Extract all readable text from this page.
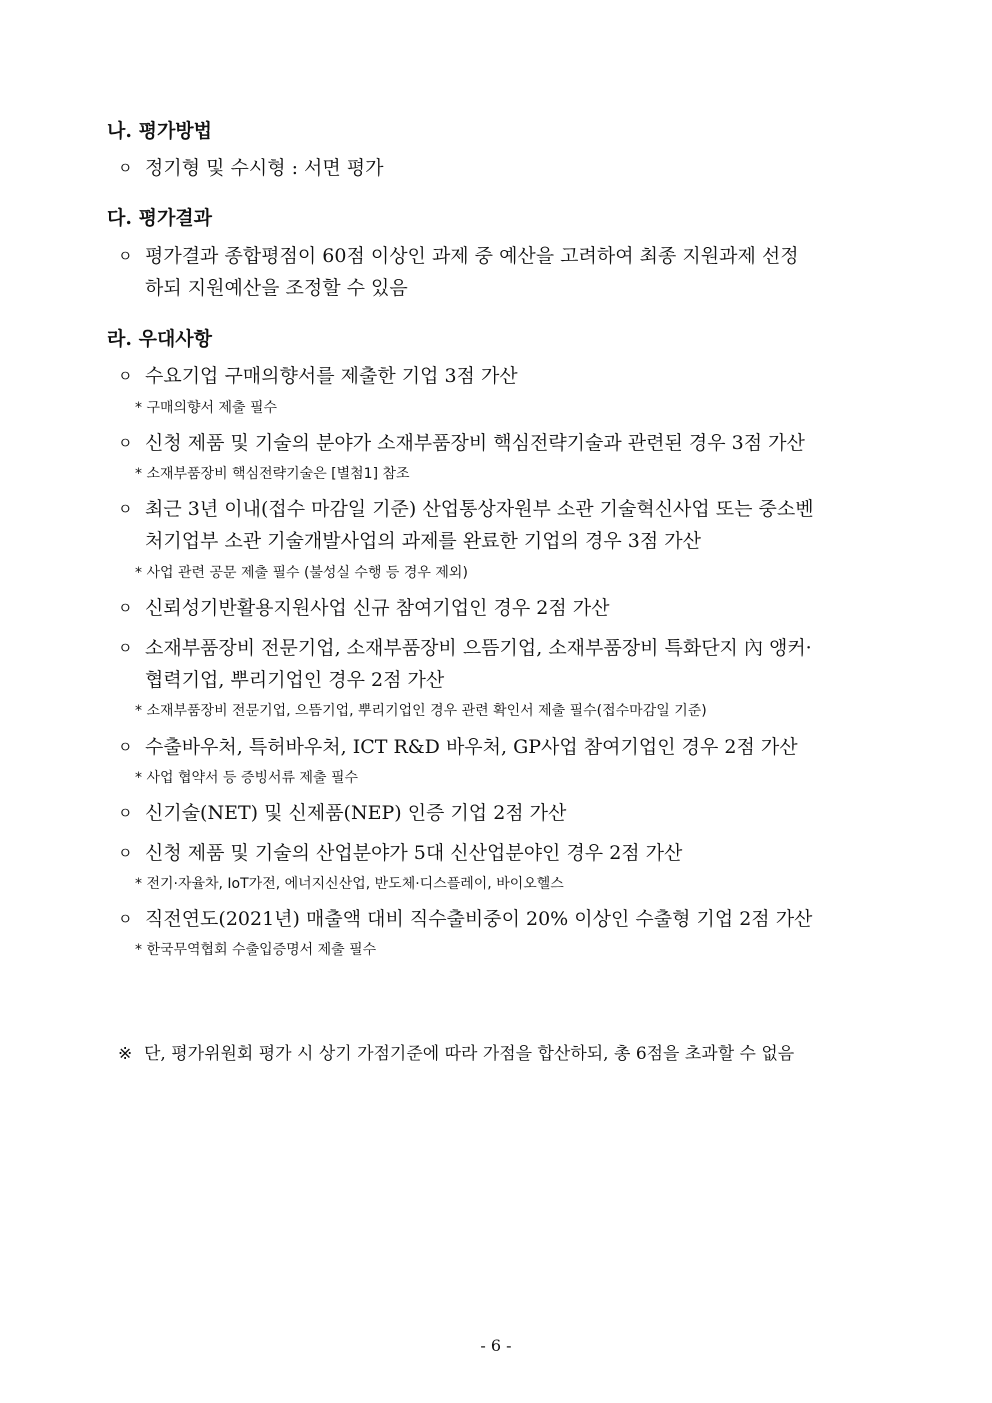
나. 평가방법
ㅇ 정기형 및 수시형 : 서면 평가
다. 평가결과
ㅇ 평가결과 종합평점이 60점 이상인 과제 중 예산을 고려하여 최종 지원과제 선정
하되 지원예산을 조정할 수 있음
라. 우대사항
ㅇ 수요기업 구매의향서를 제출한 기업 3점 가산
* 구매의향서 제출 필수
ㅇ 신청 제품 및 기술의 분야가 소재부품장비 핵심전략기술과 관련된 경우 3점 가산
* 소재부품장비 핵심전략기술은 [별첨1] 참조
ㅇ 최근 3년 이내(접수 마감일 기준) 산업통상자원부 소관 기술혁신사업 또는 중소벤
처기업부 소관 기술개발사업의 과제를 완료한 기업의 경우 3점 가산
* 사업 관련 공문 제출 필수 (불성실 수행 등 경우 제외)
ㅇ 신뢰성기반활용지원사업 신규 참여기업인 경우 2점 가산
ㅇ 소재부품장비 전문기업, 소재부품장비 으뜸기업, 소재부품장비 특화단지 內 앵커·
협력기업, 뿌리기업인 경우 2점 가산
* 소재부품장비 전문기업, 으뜸기업, 뿌리기업인 경우 관련 확인서 제출 필수(접수마감일 기준)
ㅇ 수출바우처, 특허바우처, ICT R&D 바우처, GP사업 참여기업인 경우 2점 가산
* 사업 협약서 등 증빙서류 제출 필수
ㅇ 신기술(NET) 및 신제품(NEP) 인증 기업 2점 가산
ㅇ 신청 제품 및 기술의 산업분야가 5대 신산업분야인 경우 2점 가산
* 전기·자율차, IoT가전, 에너지신산업, 반도체·디스플레이, 바이오헬스
ㅇ 직전연도(2021년) 매출액 대비 직수출비중이 20% 이상인 수출형 기업 2점 가산
* 한국무역협회 수출입증명서 제출 필수
※ 단, 평가위원회 평가 시 상기 가점기준에 따라 가점을 합산하되, 총 6점을 초과할 수 없음
- 6 -
